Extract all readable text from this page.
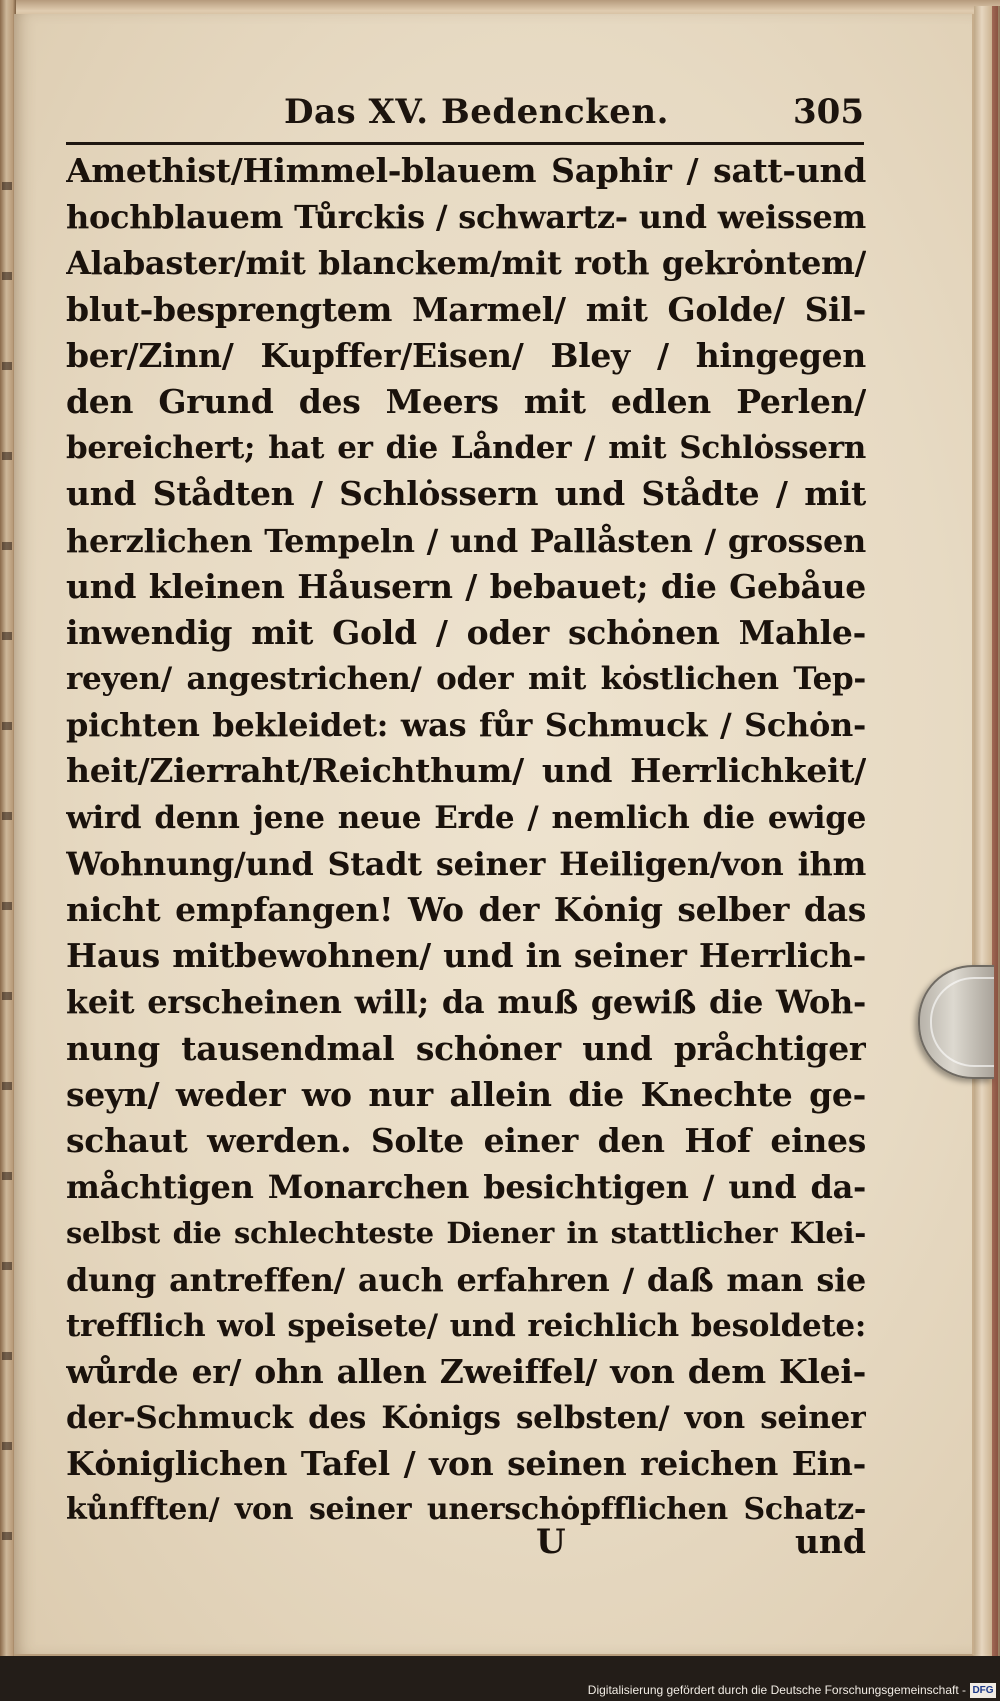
Das XV. Bedencken.	305
Amethist/Himmel-blauem Saphir / satt-und
hochblauem Tůrckis / schwartz- und weissem
Alabaster/mit blanckem/mit roth gekrȯntem/
blut-besprengtem Marmel/ mit Golde/ Sil-
ber/Zinn/ Kupffer/Eisen/ Bley / hingegen
den Grund des Meers mit edlen Perlen/
bereichert; hat er die Lånder / mit Schlȯssern
und Stådten / Schlȯssern und Stådte / mit
herzlichen Tempeln / und Pallåsten / grossen
und kleinen Håusern / bebauet; die Gebåue
inwendig mit Gold / oder schȯnen Mahle-
reyen/ angestrichen/ oder mit kȯstlichen Tep-
pichten bekleidet: was fůr Schmuck / Schȯn-
heit/Zierraht/Reichthum/ und Herrlichkeit/
wird denn jene neue Erde / nemlich die ewige
Wohnung/und Stadt seiner Heiligen/von ihm
nicht empfangen! Wo der Kȯnig selber das
Haus mitbewohnen/ und in seiner Herrlich-
keit erscheinen will; da muß gewiß die Woh-
nung tausendmal schȯner und pråchtiger
seyn/ weder wo nur allein die Knechte ge-
schaut werden. Solte einer den Hof eines
måchtigen Monarchen besichtigen / und da-
selbst die schlechteste Diener in stattlicher Klei-
dung antreffen/ auch erfahren / daß man sie
trefflich wol speisete/ und reichlich besoldete:
wůrde er/ ohn allen Zweiffel/ von dem Klei-
der-Schmuck des Kȯnigs selbsten/ von seiner
Kȯniglichen Tafel / von seinen reichen Ein-
kůnfften/ von seiner unerschȯpfflichen Schatz-
U	und
Digitalisierung gefördert durch die Deutsche Forschungsgemeinschaft - DFG
